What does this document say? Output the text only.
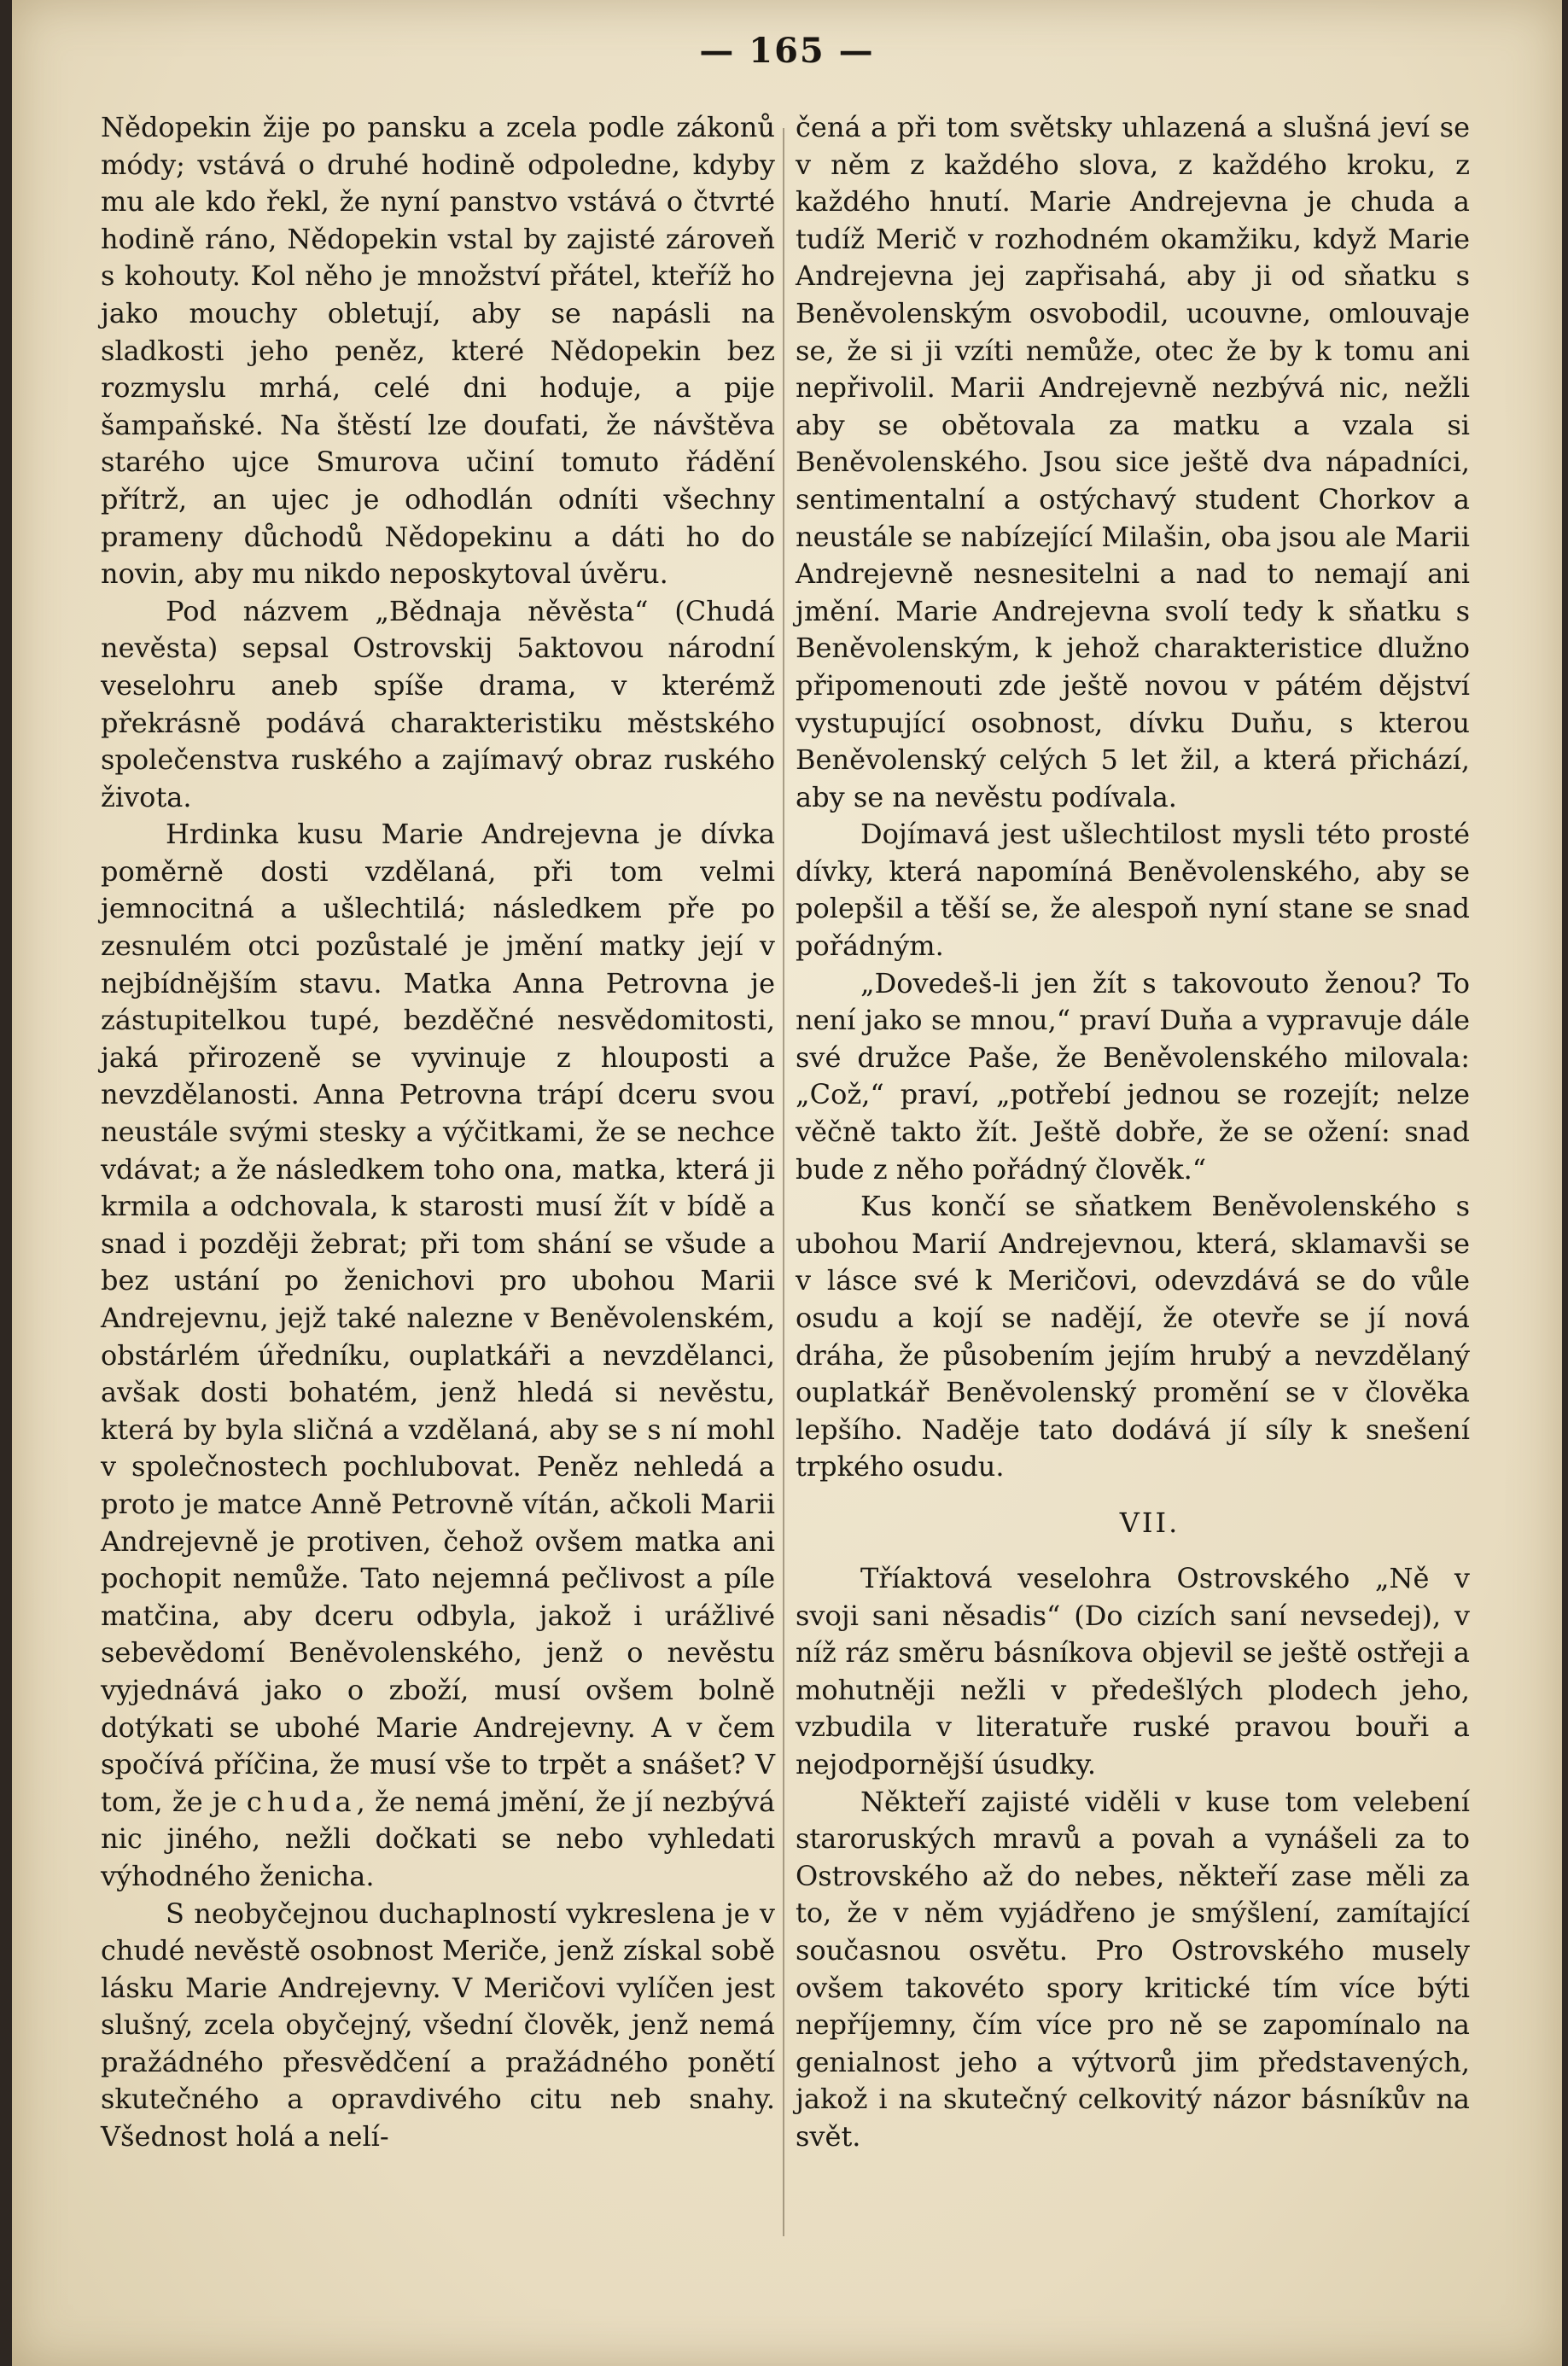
— 165 —

Nědopekin žije po pansku a zcela podle zákonů módy; vstává o druhé hodině odpoledne, kdyby mu ale kdo řekl, že nyní panstvo vstává o čtvrté hodině ráno, Nědopekin vstal by zajisté zároveň s kohouty. Kol něho je množství přátel, kteříž ho jako mouchy obletují, aby se napásli na sladkosti jeho peněz, které Nědopekin bez rozmyslu mrhá, celé dni hoduje, a pije šampaňské. Na štěstí lze doufati, že návštěva starého ujce Smurova učiní tomuto řádění přítrž, an ujec je odhodlán odníti všechny prameny důchodů Nědopekinu a dáti ho do novin, aby mu nikdo neposkytoval úvěru.

Pod názvem „Bědnaja něvěsta“ (Chudá nevěsta) sepsal Ostrovskij 5aktovou národní veselohru aneb spíše drama, v kterémž překrásně podává charakteristiku městského společenstva ruského a zajímavý obraz ruského života.

Hrdinka kusu Marie Andrejevna je dívka poměrně dosti vzdělaná, při tom velmi jemnocitná a ušlechtilá; následkem pře po zesnulém otci pozůstalé je jmění matky její v nejbídnějším stavu. Matka Anna Petrovna je zástupitelkou tupé, bezděčné nesvědomitosti, jaká přirozeně se vyvinuje z hlouposti a nevzdělanosti. Anna Petrovna trápí dceru svou neustále svými stesky a výčitkami, že se nechce vdávat; a že následkem toho ona, matka, která ji krmila a odchovala, k starosti musí žít v bídě a snad i později žebrat; při tom shání se všude a bez ustání po ženichovi pro ubohou Marii Andrejevnu, jejž také nalezne v Beněvolenském, obstárlém úředníku, ouplatkáři a nevzdělanci, avšak dosti bohatém, jenž hledá si nevěstu, která by byla sličná a vzdělaná, aby se s ní mohl v společnostech pochlubovat. Peněz nehledá a proto je matce Anně Petrovně vítán, ačkoli Marii Andrejevně je protiven, čehož ovšem matka ani pochopit nemůže. Tato nejemná pečlivost a píle matčina, aby dceru odbyla, jakož i urážlivé sebevědomí Beněvolenského, jenž o nevěstu vyjednává jako o zboží, musí ovšem bolně dotýkati se ubohé Marie Andrejevny. A v čem spočívá příčina, že musí vše to trpět a snášet? V tom, že je chuda, že nemá jmění, že jí nezbývá nic jiného, nežli dočkati se nebo vyhledati výhodného ženicha.

S neobyčejnou duchaplností vykreslena je v chudé nevěstě osobnost Meriče, jenž získal sobě lásku Marie Andrejevny. V Meričovi vylíčen jest slušný, zcela obyčejný, všední člověk, jenž nemá pražádného přesvědčení a pražádného ponětí skutečného a opravdivého citu neb snahy. Všednost holá a nelí-

čená a při tom světsky uhlazená a slušná jeví se v něm z každého slova, z každého kroku, z každého hnutí. Marie Andrejevna je chuda a tudíž Merič v rozhodném okamžiku, když Marie Andrejevna jej zapřisahá, aby ji od sňatku s Beněvolenským osvobodil, ucouvne, omlouvaje se, že si ji vzíti nemůže, otec že by k tomu ani nepřivolil. Marii Andrejevně nezbývá nic, nežli aby se obětovala za matku a vzala si Beněvolenského. Jsou sice ještě dva nápadníci, sentimentalní a ostýchavý student Chorkov a neustále se nabízející Milašin, oba jsou ale Marii Andrejevně nesnesitelni a nad to nemají ani jmění. Marie Andrejevna svolí tedy k sňatku s Beněvolenským, k jehož charakteristice dlužno připomenouti zde ještě novou v pátém dějství vystupující osobnost, dívku Duňu, s kterou Beněvolenský celých 5 let žil, a která přichází, aby se na nevěstu podívala.

Dojímavá jest ušlechtilost mysli této prosté dívky, která napomíná Beněvolenského, aby se polepšil a těší se, že alespoň nyní stane se snad pořádným.

„Dovedeš-li jen žít s takovouto ženou? To není jako se mnou,“ praví Duňa a vypravuje dále své družce Paše, že Beněvolenského milovala: „Což,“ praví, „potřebí jednou se rozejít; nelze věčně takto žít. Ještě dobře, že se ožení: snad bude z něho pořádný člověk.“

Kus končí se sňatkem Beněvolenského s ubohou Marií Andrejevnou, která, sklamavši se v lásce své k Meričovi, odevzdává se do vůle osudu a kojí se nadějí, že otevře se jí nová dráha, že působením jejím hrubý a nevzdělaný ouplatkář Beněvolenský promění se v člověka lepšího. Naděje tato dodává jí síly k snešení trpkého osudu.

VII.

Tříaktová veselohra Ostrovského „Ně v svoji sani něsadis“ (Do cizích saní nevsedej), v níž ráz směru básníkova objevil se ještě ostřeji a mohutněji nežli v předešlých plodech jeho, vzbudila v literatuře ruské pravou bouři a nejodpornější úsudky.

Někteří zajisté viděli v kuse tom velebení staroruských mravů a povah a vynášeli za to Ostrovského až do nebes, někteří zase měli za to, že v něm vyjádřeno je smýšlení, zamítající současnou osvětu. Pro Ostrovského musely ovšem takovéto spory kritické tím více býti nepříjemny, čím více pro ně se zapomínalo na genialnost jeho a výtvorů jim představených, jakož i na skutečný celkovitý názor básníkův na svět.
